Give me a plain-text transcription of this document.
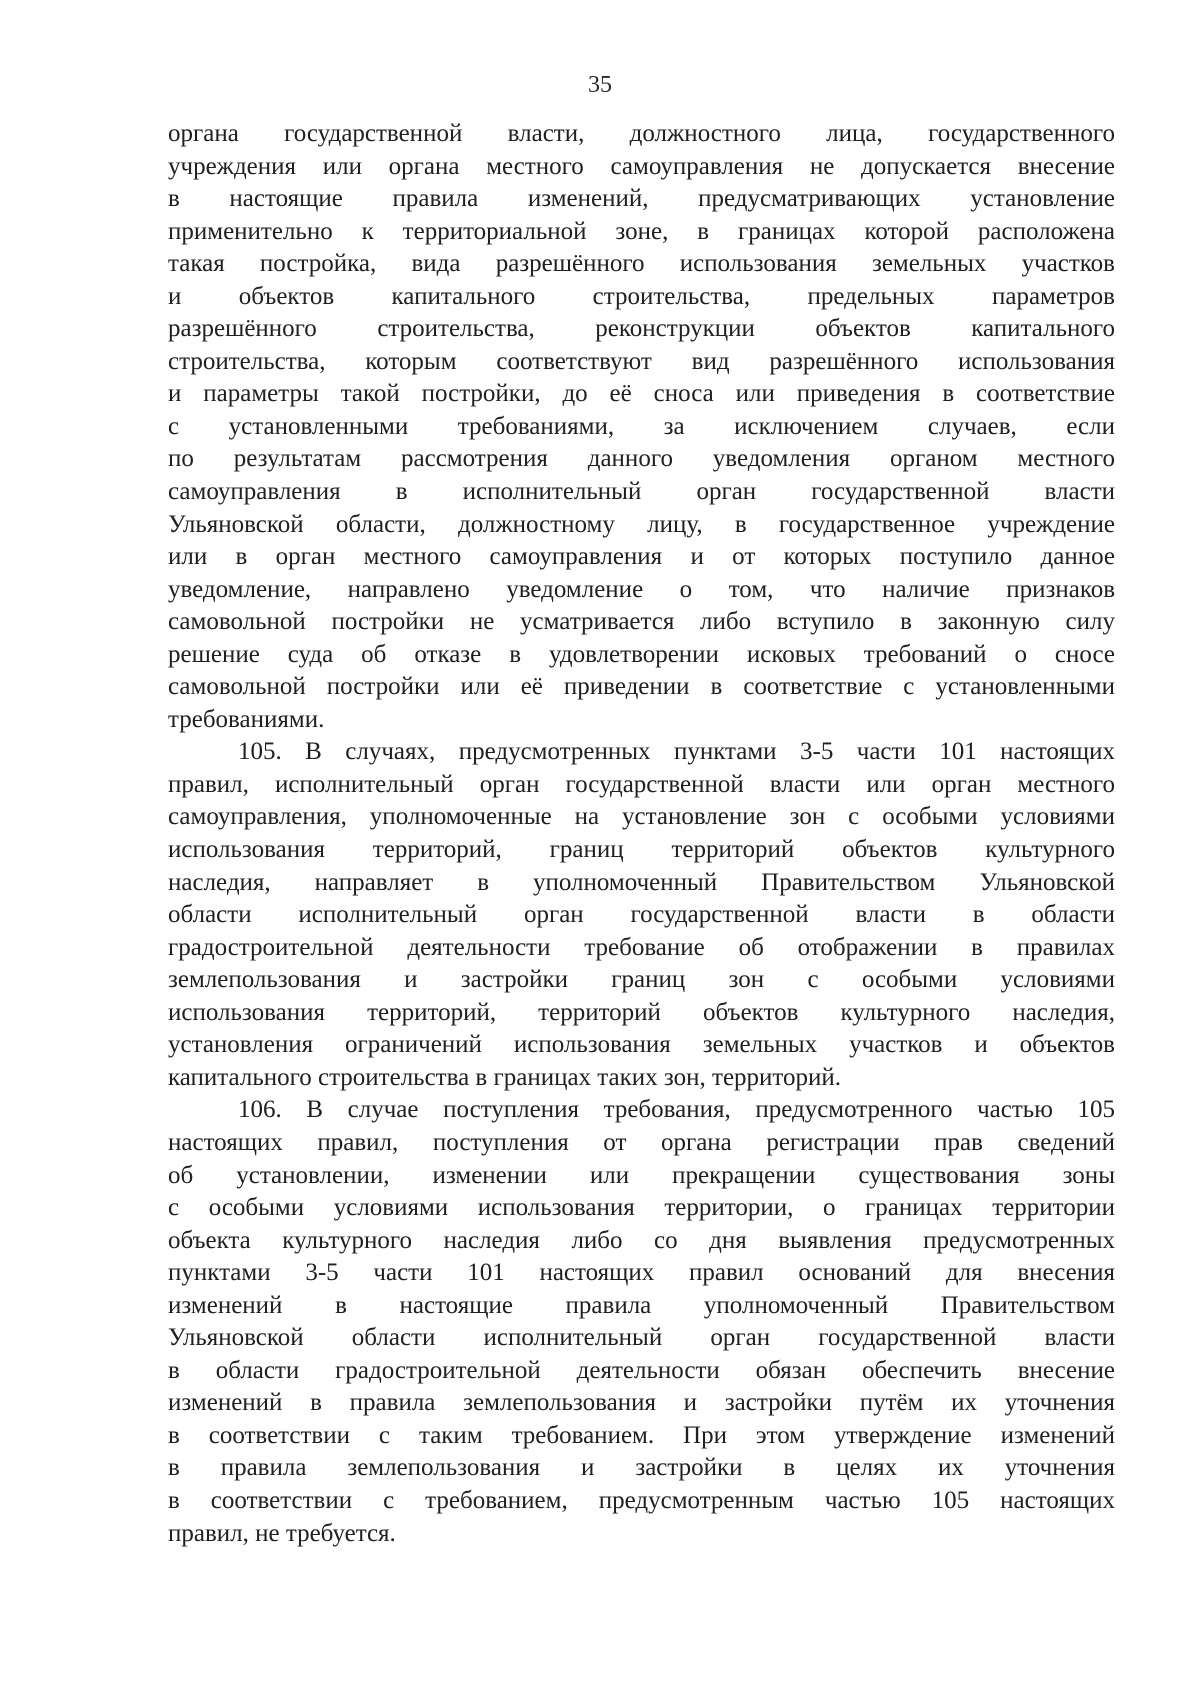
35
органа государственной власти, должностного лица, государственного
учреждения или органа местного самоуправления не допускается внесение
в настоящие правила изменений, предусматривающих установление
применительно к территориальной зоне, в границах которой расположена
такая постройка, вида разрешённого использования земельных участков
и объектов капитального строительства, предельных параметров
разрешённого строительства, реконструкции объектов капитального
строительства, которым соответствуют вид разрешённого использования
и параметры такой постройки, до её сноса или приведения в соответствие
с установленными требованиями, за исключением случаев, если
по результатам рассмотрения данного уведомления органом местного
самоуправления в исполнительный орган государственной власти
Ульяновской области, должностному лицу, в государственное учреждение
или в орган местного самоуправления и от которых поступило данное
уведомление, направлено уведомление о том, что наличие признаков
самовольной постройки не усматривается либо вступило в законную силу
решение суда об отказе в удовлетворении исковых требований о сносе
самовольной постройки или её приведении в соответствие с установленными
требованиями.
105. В случаях, предусмотренных пунктами 3-5 части 101 настоящих
правил, исполнительный орган государственной власти или орган местного
самоуправления, уполномоченные на установление зон с особыми условиями
использования территорий, границ территорий объектов культурного
наследия, направляет в уполномоченный Правительством Ульяновской
области исполнительный орган государственной власти в области
градостроительной деятельности требование об отображении в правилах
землепользования и застройки границ зон с особыми условиями
использования территорий, территорий объектов культурного наследия,
установления ограничений использования земельных участков и объектов
капитального строительства в границах таких зон, территорий.
106. В случае поступления требования, предусмотренного частью 105
настоящих правил, поступления от органа регистрации прав сведений
об установлении, изменении или прекращении существования зоны
с особыми условиями использования территории, о границах территории
объекта культурного наследия либо со дня выявления предусмотренных
пунктами 3-5 части 101 настоящих правил оснований для внесения
изменений в настоящие правила уполномоченный Правительством
Ульяновской области исполнительный орган государственной власти
в области градостроительной деятельности обязан обеспечить внесение
изменений в правила землепользования и застройки путём их уточнения
в соответствии с таким требованием. При этом утверждение изменений
в правила землепользования и застройки в целях их уточнения
в соответствии с требованием, предусмотренным частью 105 настоящих
правил, не требуется.
